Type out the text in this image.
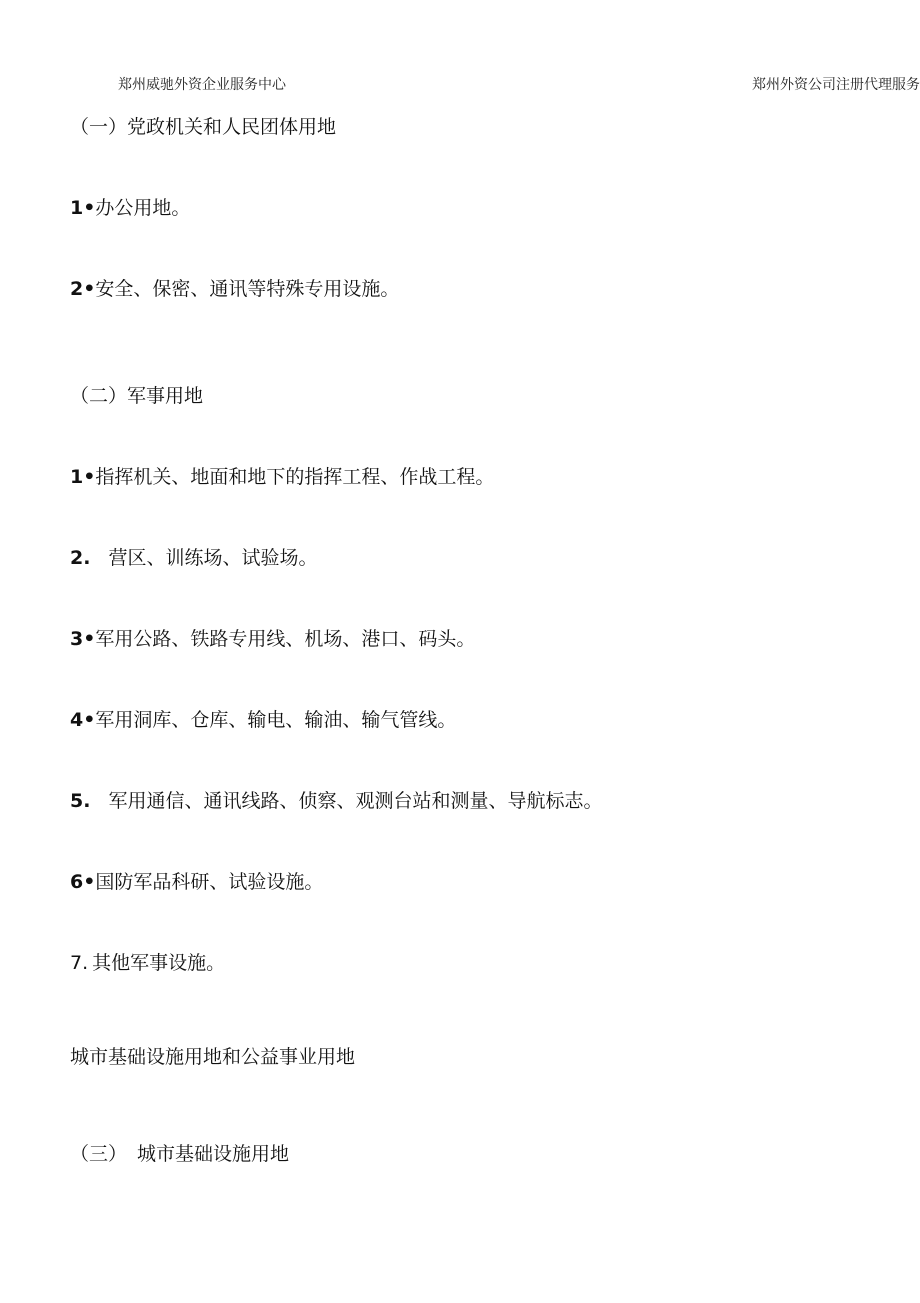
郑州威驰外资企业服务中心	郑州外资公司注册代理服务
（一）党政机关和人民团体用地
1•办公用地。
2•安全、保密、通讯等特殊专用设施。
（二）军事用地
1•指挥机关、地面和地下的指挥工程、作战工程。
2. 营区、训练场、试验场。
3•军用公路、铁路专用线、机场、港口、码头。
4•军用洞库、仓库、输电、输油、输气管线。
5. 军用通信、通讯线路、侦察、观测台站和测量、导航标志。
6•国防军品科研、试验设施。
7. 其他军事设施。
城市基础设施用地和公益事业用地
（三） 城市基础设施用地
